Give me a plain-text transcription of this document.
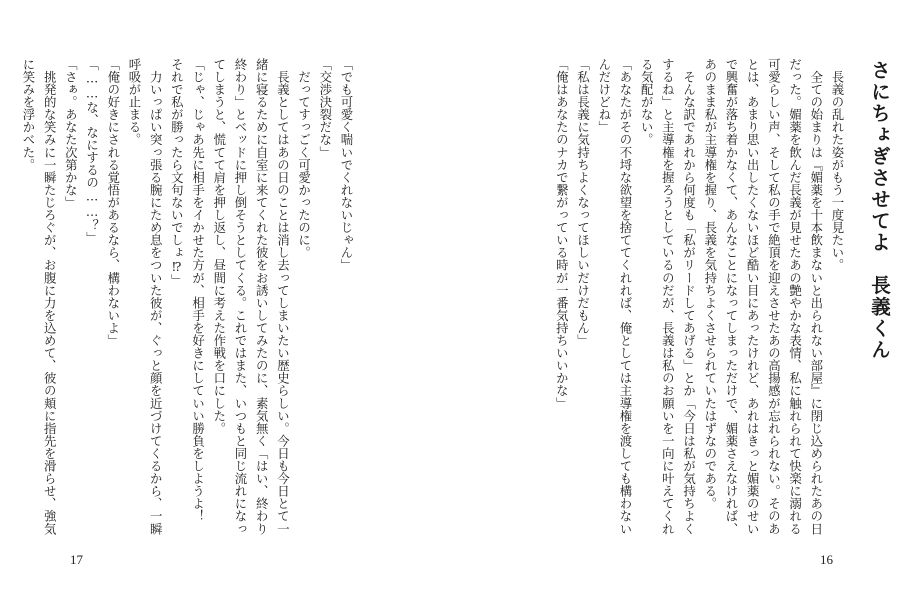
「でも可愛く喘いでくれないじゃん」

「交渉決裂だな」

　だってすっごく可愛かったのに。

　長義としてはあの日のことは消し去ってしまいたい歴史らしい。今日も今日とて一緒に寝るために自室に来てくれた彼をお誘いしてみたのに、素気無く「はい、終わり終わり」とベッドに押し倒そうとしてくる。これではまた、いつもと同じ流れになってしまうと、慌てて肩を押し返し、昼間に考えた作戦を口にした。

「じゃ、じゃあ先に相手をイかせた方が、相手を好きにしていい勝負をしようよ！　それで私が勝ったら文句ないでしょ⁉」

　力いっぱい突っ張る腕にため息をついた彼が、ぐっと顔を近づけてくるから、一瞬呼吸が止まる。

「俺の好きにされる覚悟があるなら、構わないよ」

「……な、なにするの……？」

「さぁ。あなた次第かな」

　挑発的な笑みに一瞬たじろぐが、お腹に力を込めて、彼の頬に指先を滑らせ、強気に笑みを浮かべた。

17

さにちょぎさせてよ　長義くん

　長義の乱れた姿がもう一度見たい。

　全ての始まりは『媚薬を十本飲まないと出られない部屋』に閉じ込められたあの日だった。媚薬を飲んだ長義が見せたあの艶やかな表情、私に触れられて快楽に溺れる可愛らしい声、そして私の手で絶頂を迎えさせたあの高揚感が忘れられない。そのあとは、あまり思い出したくないほど酷い目にあったけれど、あれはきっと媚薬のせいで興奮が落ち着かなくて、あんなことになってしまっただけで、媚薬さえなければ、あのまま私が主導権を握り、長義を気持ちよくさせられていたはずなのである。

　そんな訳であれから何度も「私がリードしてあげる」とか「今日は私が気持ちよくするね」と主導権を握ろうとしているのだが、長義は私のお願いを一向に叶えてくれる気配がない。

「あなたがその不埒な欲望を捨ててくれれば、俺としては主導権を渡しても構わないんだけどね」

「私は長義に気持ちよくなってほしいだけだもん」

「俺はあなたのナカで繋がっている時が一番気持ちいいかな」

16
